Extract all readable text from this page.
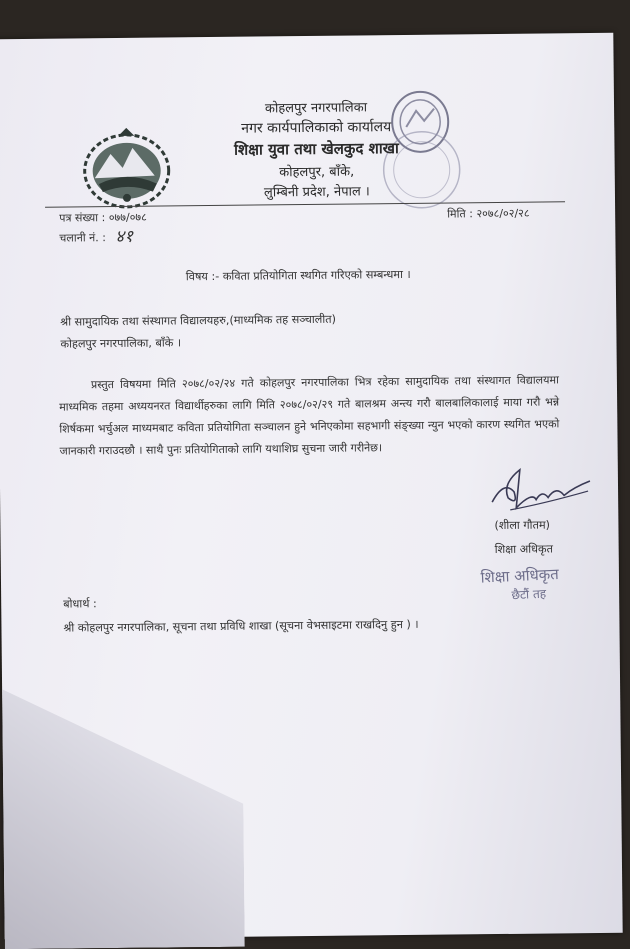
कोहलपुर नगरपालिका
नगर कार्यपालिकाको कार्यालय
शिक्षा युवा तथा खेलकुद शाखा
कोहलपुर, बाँके,
लुम्बिनी प्रदेश, नेपाल ।
पत्र संख्या : ०७७/०७८	मिति : २०७८/०२/२८
चलानी नं. : ४१
विषय :- कविता प्रतियोगिता स्थगित गरिएको सम्बन्धमा ।
श्री सामुदायिक तथा संस्थागत विद्यालयहरु,(माध्यमिक तह सञ्चालीत)
कोहलपुर नगरपालिका, बाँके ।
प्रस्तुत विषयमा मिति २०७८/०२/२४ गते कोहलपुर नगरपालिका भित्र रहेका सामुदायिक तथा संस्थागत विद्यालयमा माध्यमिक तहमा अध्ययनरत विद्यार्थीहरुका लागि मिति २०७८/०२/२९ गते बालश्रम अन्त्य गरौ बालबालिकालाई माया गरौ भन्ने शिर्षकमा भर्चुअल माध्यमबाट कविता प्रतियोगिता सञ्चालन हुने भनिएकोमा सहभागी संङ्ख्या न्युन भएको कारण स्थगित भएको जानकारी गराउदछौ । साथै पुनः प्रतियोगिताको लागि यथाशिघ्र सुचना जारी गरीनेछ।
(शीला गौतम)
शिक्षा अधिकृत
शिक्षा अधिकृत
छैटौं तह
बोधार्थ :
श्री कोहलपुर नगरपालिका, सूचना तथा प्रविधि शाखा (सूचना वेभसाइटमा राखदिनु हुन ) ।
